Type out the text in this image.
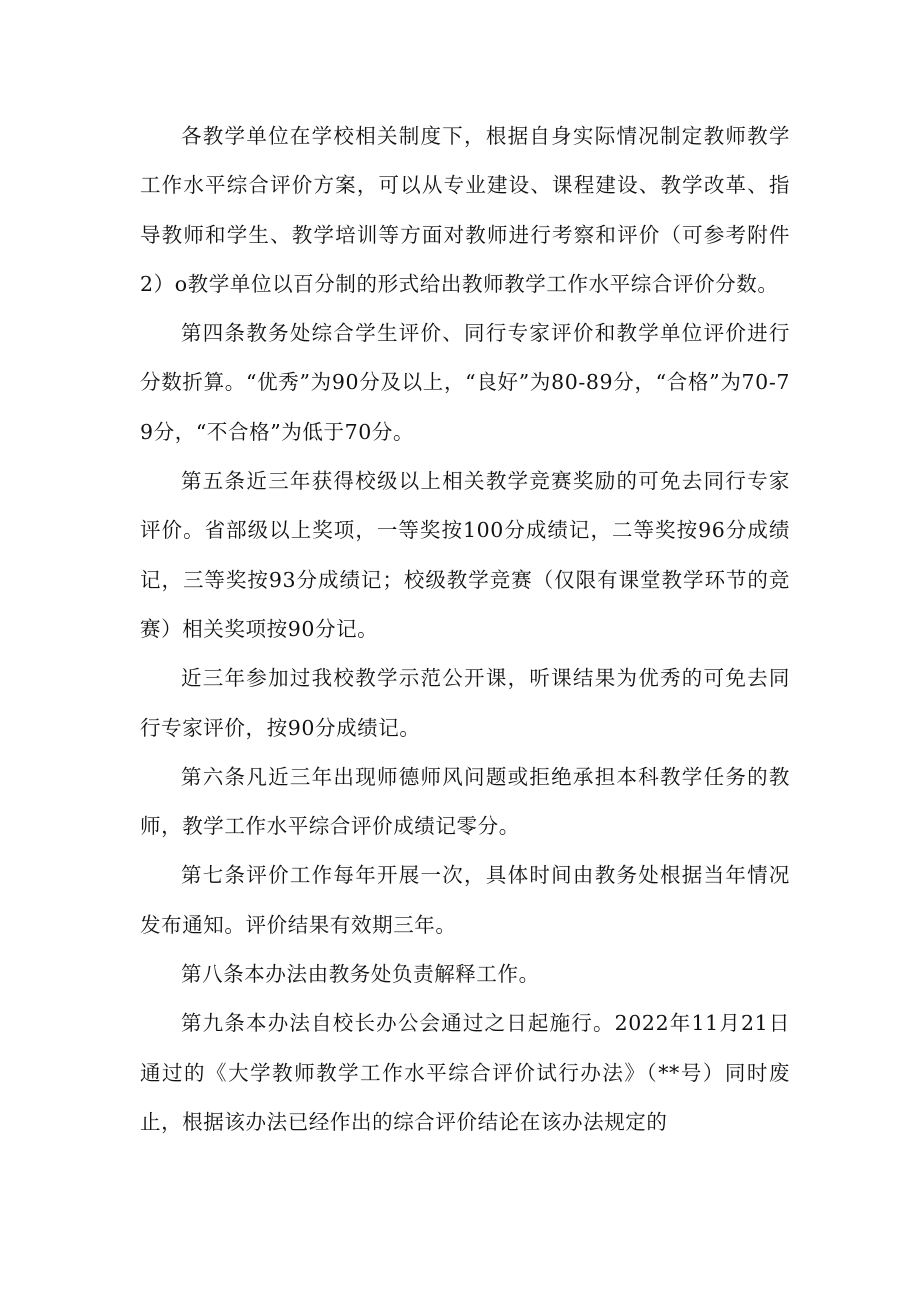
各教学单位在学校相关制度下，根据自身实际情况制定教师教学工作水平综合评价方案，可以从专业建设、课程建设、教学改革、指导教师和学生、教学培训等方面对教师进行考察和评价（可参考附件2）o教学单位以百分制的形式给出教师教学工作水平综合评价分数。

第四条教务处综合学生评价、同行专家评价和教学单位评价进行分数折算。“优秀”为90分及以上，“良好”为80-89分，“合格”为70-79分，“不合格”为低于70分。

第五条近三年获得校级以上相关教学竞赛奖励的可免去同行专家评价。省部级以上奖项，一等奖按100分成绩记，二等奖按96分成绩记，三等奖按93分成绩记；校级教学竞赛（仅限有课堂教学环节的竞赛）相关奖项按90分记。

近三年参加过我校教学示范公开课，听课结果为优秀的可免去同行专家评价，按90分成绩记。

第六条凡近三年出现师德师风问题或拒绝承担本科教学任务的教师，教学工作水平综合评价成绩记零分。

第七条评价工作每年开展一次，具体时间由教务处根据当年情况发布通知。评价结果有效期三年。

第八条本办法由教务处负责解释工作。

第九条本办法自校长办公会通过之日起施行。2022年11月21日通过的《大学教师教学工作水平综合评价试行办法》（**号）同时废止，根据该办法已经作出的综合评价结论在该办法规定的
